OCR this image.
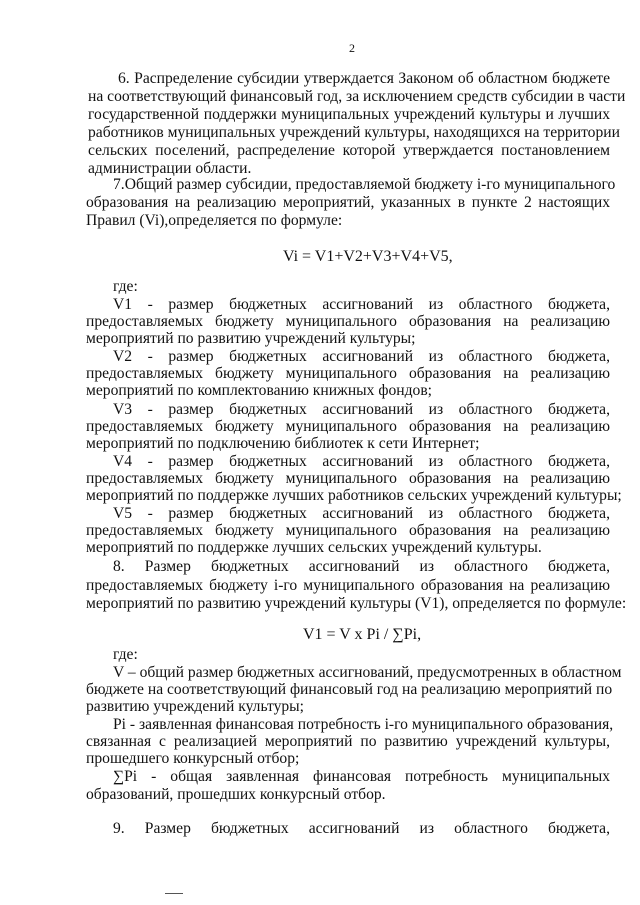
2
6. Распределение субсидии утверждается Законом об областном бюджете
на соответствующий финансовый год, за исключением средств субсидии в части
государственной поддержки муниципальных учреждений культуры и лучших
работников муниципальных учреждений культуры, находящихся на территории
сельских поселений, распределение которой утверждается постановлением
администрации области.
7.Общий размер субсидии, предоставляемой бюджету i-го муниципального
образования на реализацию мероприятий, указанных в пункте 2 настоящих
Правил (Vi),определяется по формуле:
Vi = V1+V2+V3+V4+V5,
где:
V1 - размер бюджетных ассигнований из областного бюджета,
предоставляемых бюджету муниципального образования на реализацию
мероприятий по развитию учреждений культуры;
V2 - размер бюджетных ассигнований из областного бюджета,
предоставляемых бюджету муниципального образования на реализацию
мероприятий по комплектованию книжных фондов;
V3 - размер бюджетных ассигнований из областного бюджета,
предоставляемых бюджету муниципального образования на реализацию
мероприятий по подключению библиотек к сети Интернет;
V4 - размер бюджетных ассигнований из областного бюджета,
предоставляемых бюджету муниципального образования на реализацию
мероприятий по поддержке лучших работников сельских учреждений культуры;
V5 - размер бюджетных ассигнований из областного бюджета,
предоставляемых бюджету муниципального образования на реализацию
мероприятий по поддержке лучших сельских учреждений культуры.
8. Размер бюджетных ассигнований из областного бюджета,
предоставляемых бюджету i-го муниципального образования на реализацию
мероприятий по развитию учреждений культуры (V1), определяется по формуле:
V1 = V x Pi / ∑Pi,
где:
V – общий размер бюджетных ассигнований, предусмотренных в областном
бюджете на соответствующий финансовый год на реализацию мероприятий по
развитию учреждений культуры;
Pi - заявленная финансовая потребность i-го муниципального образования,
связанная с реализацией мероприятий по развитию учреждений культуры,
прошедшего конкурсный отбор;
∑Pi - общая заявленная финансовая потребность муниципальных
образований, прошедших конкурсный отбор.
9. Размер бюджетных ассигнований из областного бюджета,
